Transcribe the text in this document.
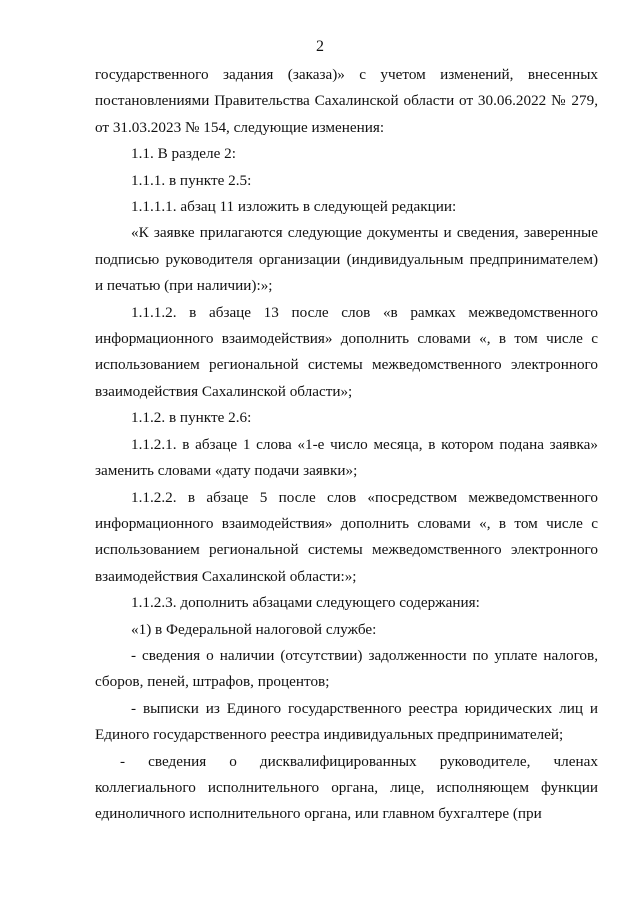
2

государственного задания (заказа)» с учетом изменений, внесенных постановлениями Правительства Сахалинской области от 30.06.2022 № 279, от 31.03.2023 № 154, следующие изменения:

1.1. В разделе 2:

1.1.1. в пункте 2.5:

1.1.1.1. абзац 11 изложить в следующей редакции:

«К заявке прилагаются следующие документы и сведения, заверенные подписью руководителя организации (индивидуальным предпринимателем) и печатью (при наличии):»;

1.1.1.2. в абзаце 13 после слов «в рамках межведомственного информационного взаимодействия» дополнить словами «, в том числе с использованием региональной системы межведомственного электронного взаимодействия Сахалинской области»;

1.1.2. в пункте 2.6:

1.1.2.1. в абзаце 1 слова «1-е число месяца, в котором подана заявка» заменить словами «дату подачи заявки»;

1.1.2.2. в абзаце 5 после слов «посредством межведомственного информационного взаимодействия» дополнить словами «, в том числе с использованием региональной системы межведомственного электронного взаимодействия Сахалинской области:»;

1.1.2.3. дополнить абзацами следующего содержания:

«1) в Федеральной налоговой службе:

- сведения о наличии (отсутствии) задолженности по уплате налогов, сборов, пеней, штрафов, процентов;

- выписки из Единого государственного реестра юридических лиц и Единого государственного реестра индивидуальных предпринимателей;

- сведения о дисквалифицированных руководителе, членах

коллегиального исполнительного органа, лице, исполняющем функции единоличного исполнительного органа, или главном бухгалтере (при
